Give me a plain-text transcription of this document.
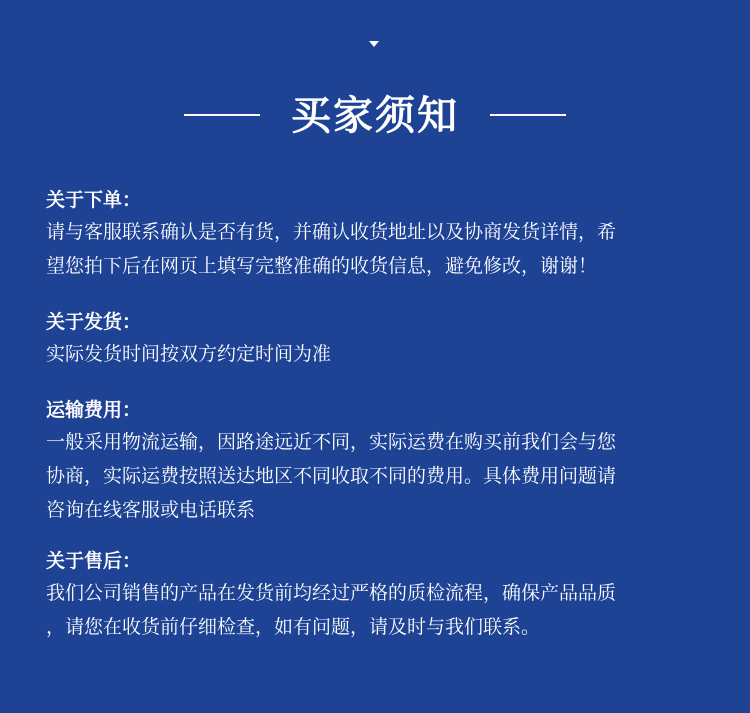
买家须知
关于下单：
请与客服联系确认是否有货，并确认收货地址以及协商发货详情，希
望您拍下后在网页上填写完整准确的收货信息，避免修改，谢谢！
关于发货：
实际发货时间按双方约定时间为准
运输费用：
一般采用物流运输，因路途远近不同，实际运费在购买前我们会与您
协商，实际运费按照送达地区不同收取不同的费用。具体费用问题请
咨询在线客服或电话联系
关于售后：
我们公司销售的产品在发货前均经过严格的质检流程，确保产品品质
，请您在收货前仔细检查，如有问题，请及时与我们联系。
